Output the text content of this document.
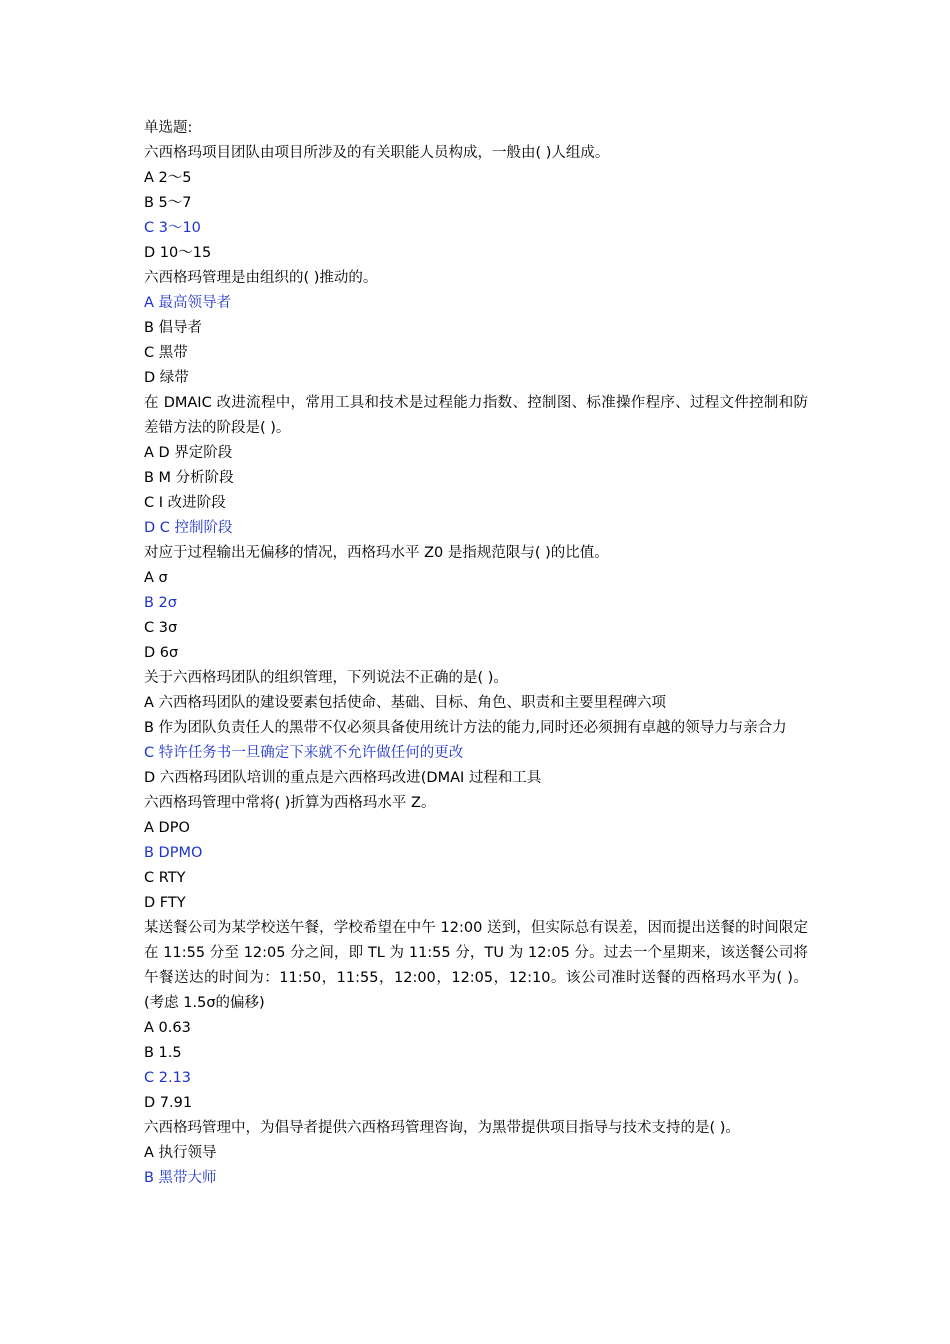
单选题:

六西格玛项目团队由项目所涉及的有关职能人员构成，一般由( )人组成。

A 2～5

B 5～7

C 3～10

D 10～15

六西格玛管理是由组织的( )推动的。

A 最高领导者

B 倡导者

C 黑带

D 绿带

在 DMAIC 改进流程中，常用工具和技术是过程能力指数、控制图、标准操作程序、过程文件控制和防差错方法的阶段是( )。

A D 界定阶段

B M 分析阶段

C I 改进阶段

D C 控制阶段

对应于过程输出无偏移的情况，西格玛水平 Z0 是指规范限与( )的比值。

A σ

B 2σ

C 3σ

D 6σ

关于六西格玛团队的组织管理，下列说法不正确的是( )。

A 六西格玛团队的建设要素包括使命、基础、目标、角色、职责和主要里程碑六项

B 作为团队负责任人的黑带不仅必须具备使用统计方法的能力,同时还必须拥有卓越的领导力与亲合力

C 特许任务书一旦确定下来就不允许做任何的更改

D 六西格玛团队培训的重点是六西格玛改进(DMAI 过程和工具

六西格玛管理中常将( )折算为西格玛水平 Z。

A DPO

B DPMO

C RTY

D FTY

某送餐公司为某学校送午餐，学校希望在中午 12:00 送到，但实际总有误差，因而提出送餐的时间限定在 11:55 分至 12:05 分之间，即 TL 为 11:55 分，TU 为 12:05 分。过去一个星期来，该送餐公司将午餐送达的时间为：11:50，11:55，12:00，12:05，12:10。该公司准时送餐的西格玛水平为( )。(考虑 1.5σ的偏移)

A 0.63

B 1.5

C 2.13

D 7.91

六西格玛管理中，为倡导者提供六西格玛管理咨询，为黑带提供项目指导与技术支持的是( )。

A 执行领导

B 黑带大师
